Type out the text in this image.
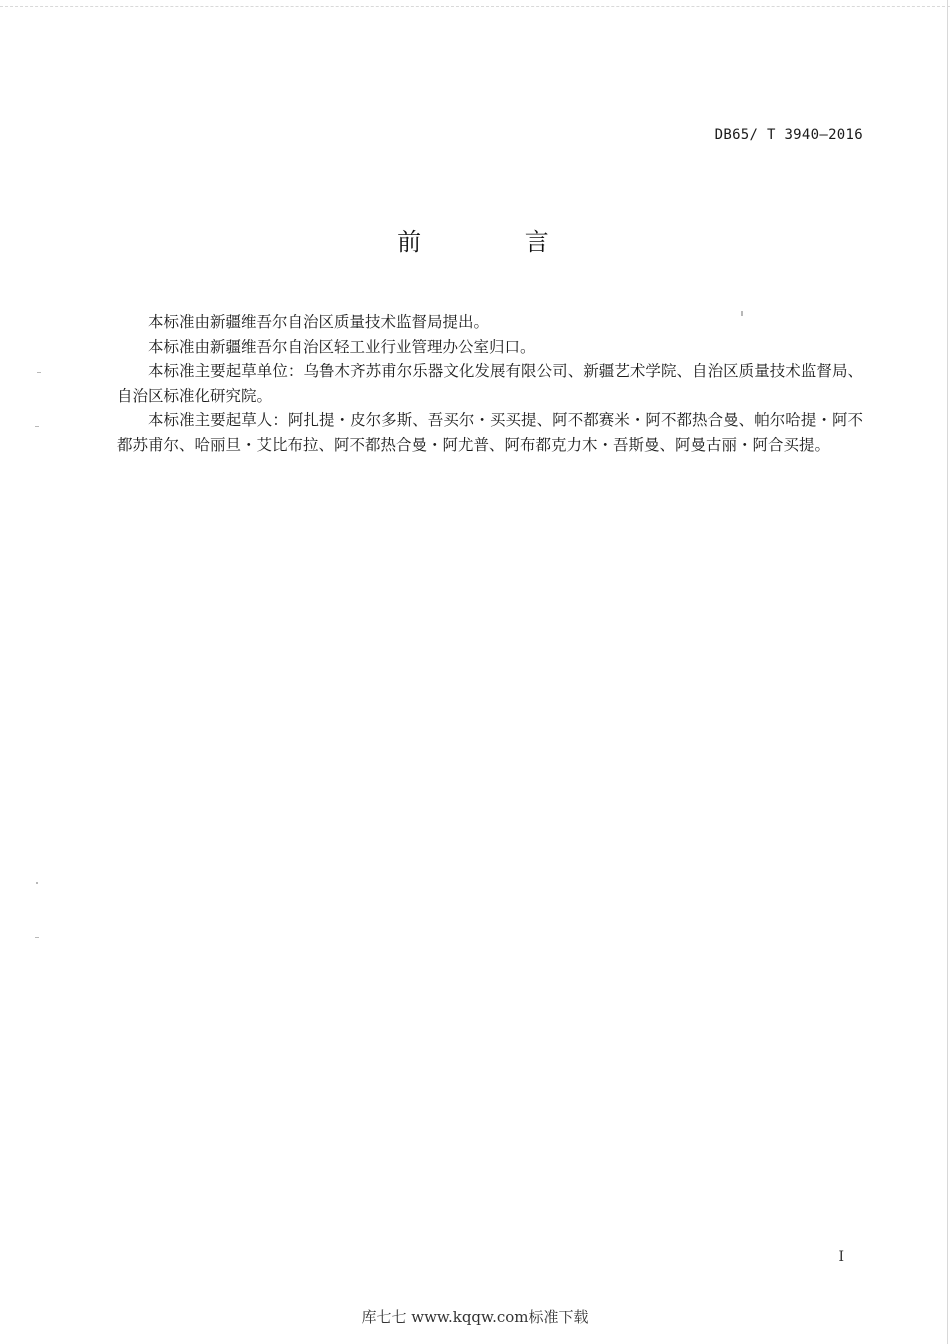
DB65/ T 3940—2016
前 言

本标准由新疆维吾尔自治区质量技术监督局提出。

本标准由新疆维吾尔自治区轻工业行业管理办公室归口。

本标准主要起草单位：乌鲁木齐苏甫尔乐器文化发展有限公司、新疆艺术学院、自治区质量技术监督局、自治区标准化研究院。

本标准主要起草人：阿扎提・皮尔多斯、吾买尔・买买提、阿不都赛米・阿不都热合曼、帕尔哈提・阿不都苏甫尔、哈丽旦・艾比布拉、阿不都热合曼・阿尤普、阿布都克力木・吾斯曼、阿曼古丽・阿合买提。

I
库七七 www.kqqw.com标准下载
